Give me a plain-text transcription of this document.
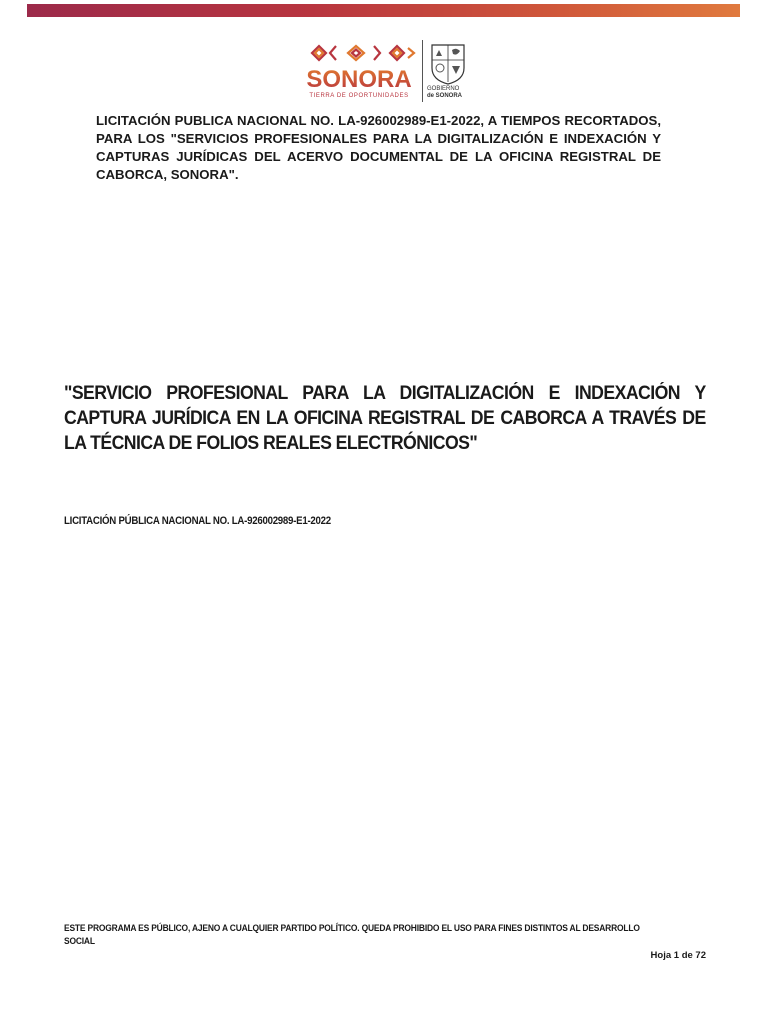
SONORA
TIERRA DE OPORTUNIDADES
GOBIERNO
de SONORA
LICITACIÓN PUBLICA NACIONAL NO. LA-926002989-E1-2022, A TIEMPOS RECORTADOS, PARA LOS "SERVICIOS PROFESIONALES PARA LA DIGITALIZACIÓN E INDEXACIÓN Y CAPTURAS JURÍDICAS DEL ACERVO DOCUMENTAL DE LA OFICINA REGISTRAL DE CABORCA, SONORA".
"SERVICIO PROFESIONAL PARA LA DIGITALIZACIÓN E INDEXACIÓN Y CAPTURA JURÍDICA EN LA OFICINA REGISTRAL DE CABORCA A TRAVÉS DE LA TÉCNICA DE FOLIOS REALES ELECTRÓNICOS"
LICITACIÓN PÚBLICA NACIONAL NO. LA-926002989-E1-2022
ESTE PROGRAMA ES PÚBLICO, AJENO A CUALQUIER PARTIDO POLÍTICO. QUEDA PROHIBIDO EL USO PARA FINES DISTINTOS AL DESARROLLO SOCIAL
Hoja 1 de 72
